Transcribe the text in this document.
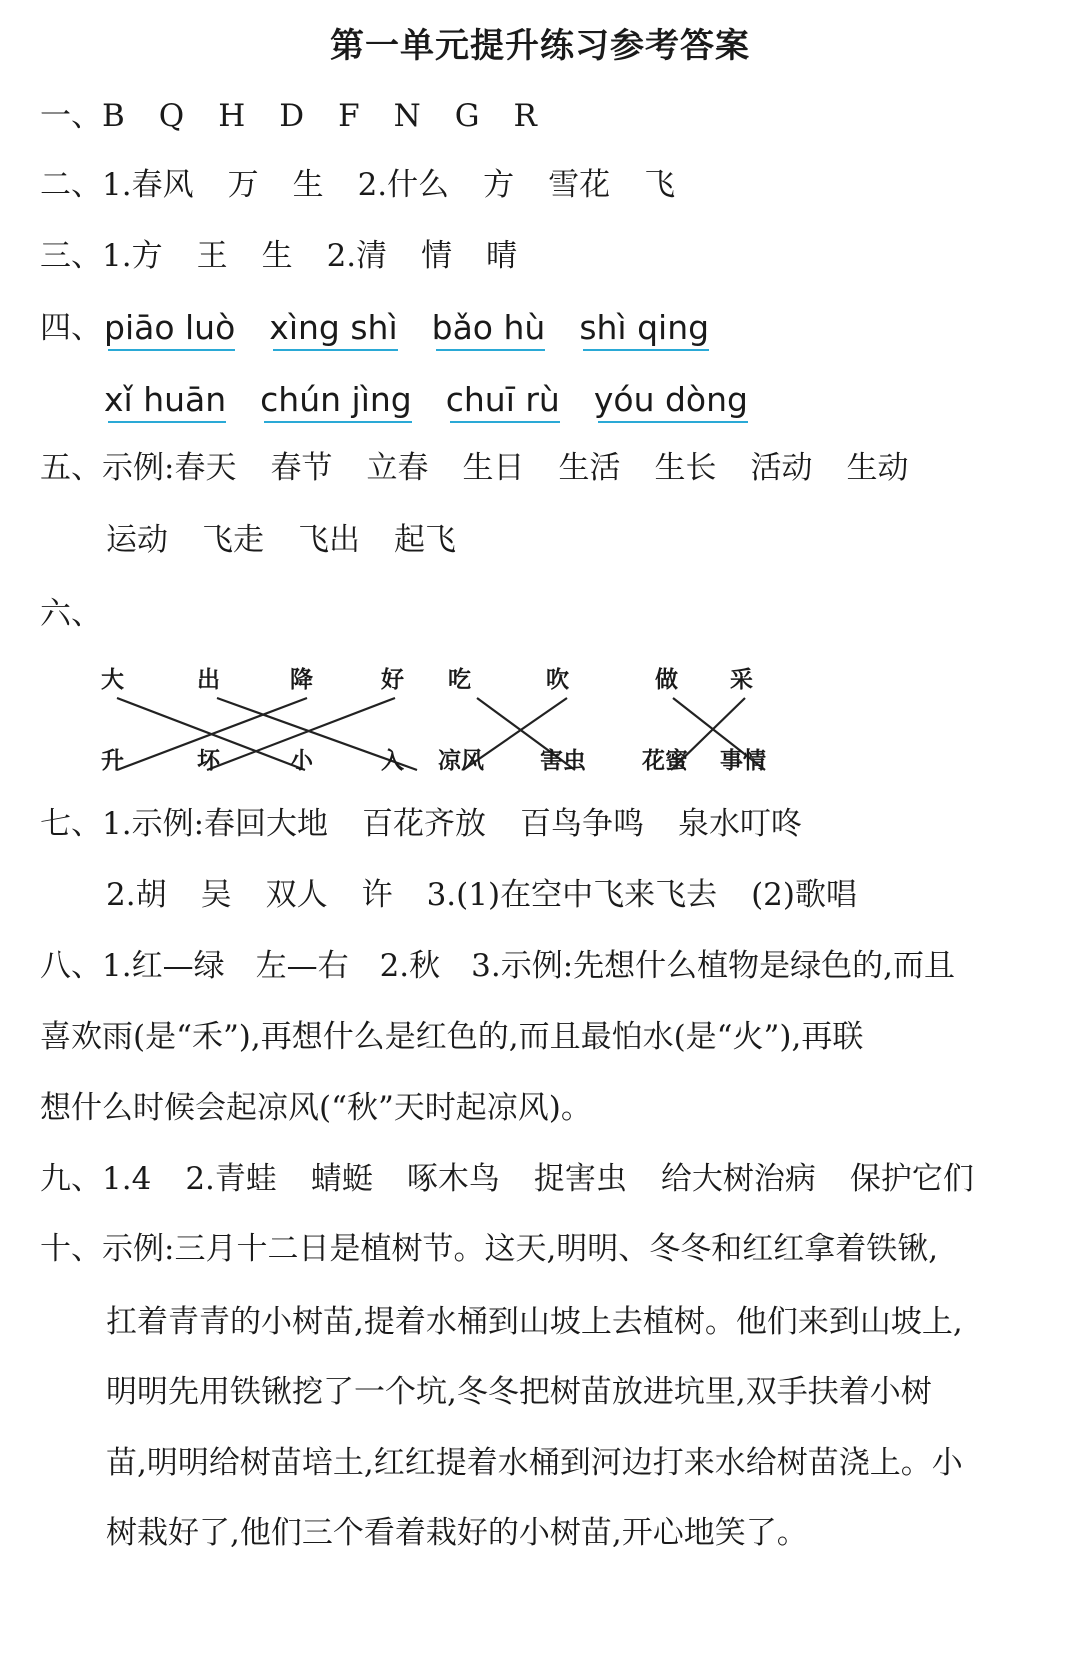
第一单元提升练习参考答案
一、B Q H D F N G R
二、1.春风 万 生 2.什么 方 雪花 飞
三、1.方 王 生 2.清 情 晴
四、 piāo luò xìng shì bǎo hù shì qing
xǐ huān chún jìng chuī rù yóu dòng
五、示例:春天 春节 立春 生日 生活 生长 活动 生动
运动 飞走 飞出 起飞
六、
大	出	降	好
升	坏	小	入
吃	吹
凉风 害虫
做 采
花蜜 事情
七、1.示例:春回大地 百花齐放 百鸟争鸣 泉水叮咚
2.胡 吴 双人 许 3.(1)在空中飞来飞去 (2)歌唱
八、1.红—绿　左—右　2.秋　3.示例:先想什么植物是绿色的,而且
喜欢雨(是“禾”),再想什么是红色的,而且最怕水(是“火”),再联
想什么时候会起凉风(“秋”天时起凉风)。
九、1.4 2.青蛙 蜻蜓 啄木鸟 捉害虫 给大树治病 保护它们
十、示例:三月十二日是植树节。这天,明明、冬冬和红红拿着铁锹,
扛着青青的小树苗,提着水桶到山坡上去植树。他们来到山坡上,
明明先用铁锹挖了一个坑,冬冬把树苗放进坑里,双手扶着小树
苗,明明给树苗培土,红红提着水桶到河边打来水给树苗浇上。小
树栽好了,他们三个看着栽好的小树苗,开心地笑了。
